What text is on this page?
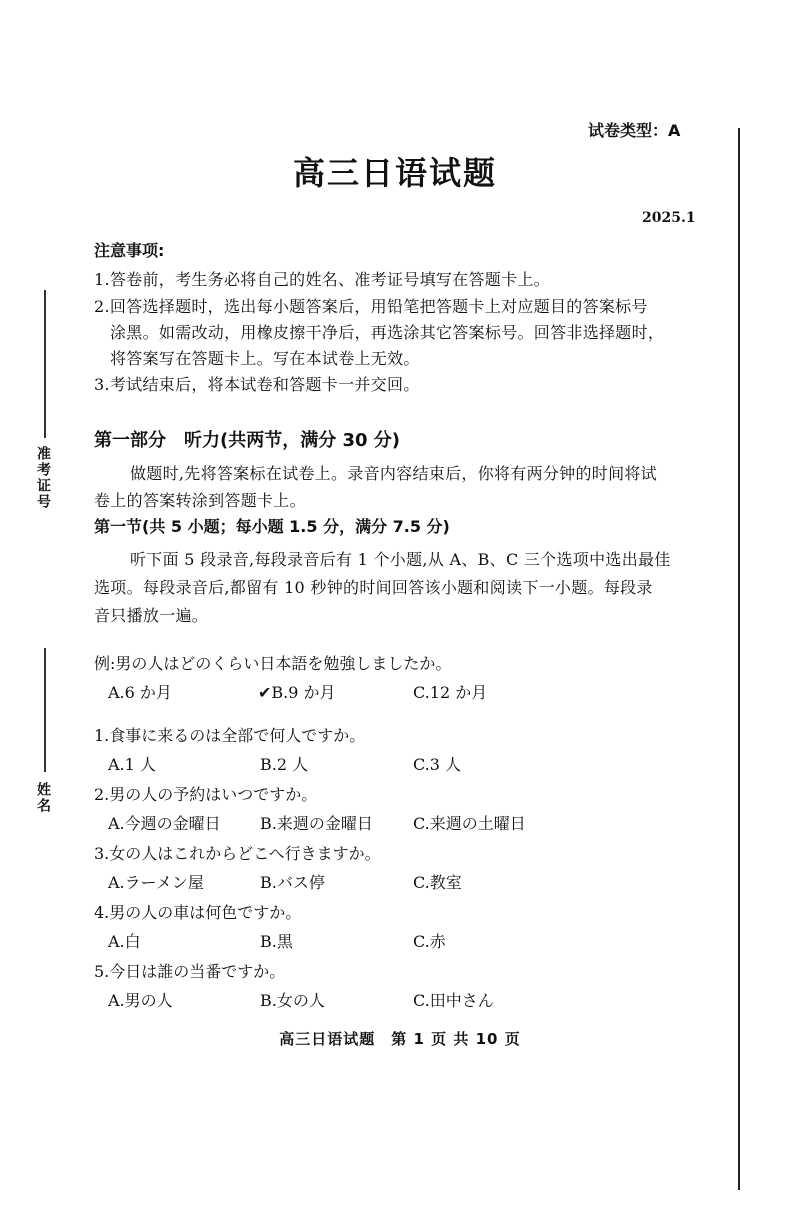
准考证号
姓名
试卷类型：A
高三日语试题
2025.1
注意事项:
1.答卷前，考生务必将自己的姓名、准考证号填写在答题卡上。
2.回答选择题时，选出每小题答案后，用铅笔把答题卡上对应题目的答案标号
涂黑。如需改动，用橡皮擦干净后，再选涂其它答案标号。回答非选择题时，
将答案写在答题卡上。写在本试卷上无效。
3.考试结束后，将本试卷和答题卡一并交回。
第一部分　听力(共两节，满分 30 分)
做题时,先将答案标在试卷上。录音内容结束后，你将有两分钟的时间将试
卷上的答案转涂到答题卡上。
第一节(共 5 小题；每小题 1.5 分，满分 7.5 分)
听下面 5 段录音,每段录音后有 1 个小题,从 A、B、C 三个选项中选出最佳
选项。每段录音后,都留有 10 秒钟的时间回答该小题和阅读下一小题。每段录
音只播放一遍。
例:男の人はどのくらい日本語を勉強しましたか。
A.6 か月	✔B.9 か月	C.12 か月
1.食事に来るのは全部で何人ですか。
A.1 人	B.2 人	C.3 人
2.男の人の予約はいつですか。
A.今週の金曜日 B.来週の金曜日	C.来週の土曜日
3.女の人はこれからどこへ行きますか。
A.ラーメン屋	B.バス停	C.教室
4.男の人の車は何色ですか。
A.白	B.黒	C.赤
5.今日は誰の当番ですか。
A.男の人	B.女の人	C.田中さん
高三日语试题　第 1 页 共 10 页
